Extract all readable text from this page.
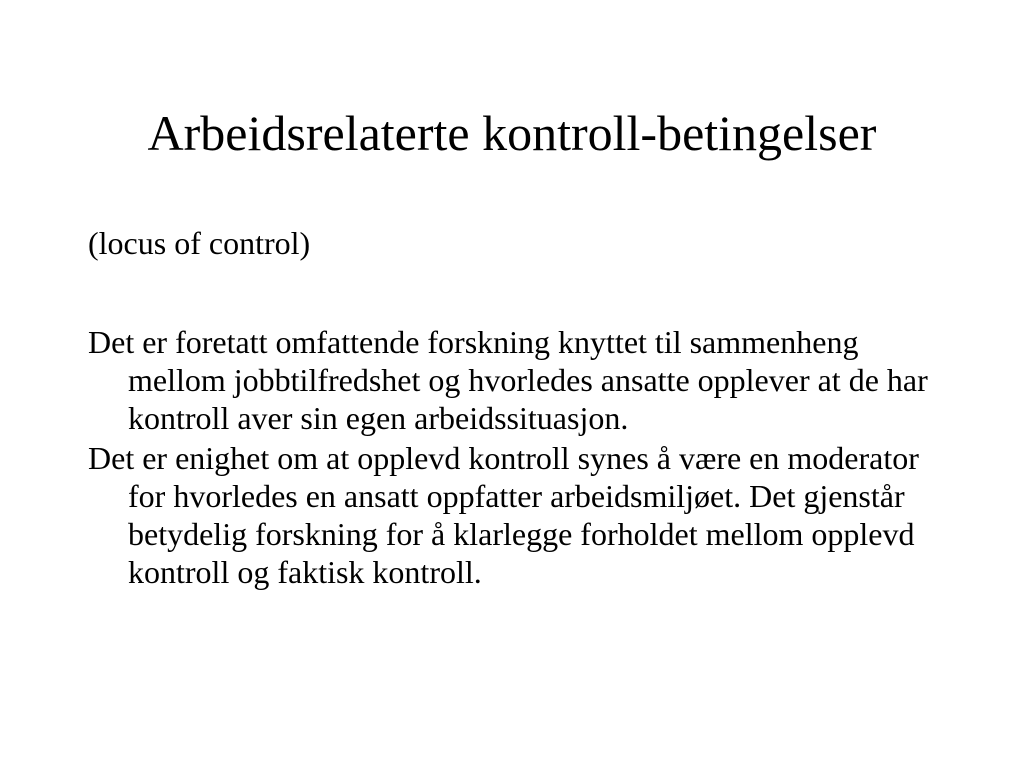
Arbeidsrelaterte kontroll-betingelser

(locus of control)

Det er foretatt omfattende forskning knyttet til sammenheng mellom jobbtilfredshet og hvorledes ansatte opplever at de har kontroll aver sin egen arbeidssituasjon.

Det er enighet om at opplevd kontroll synes å være en moderator for hvorledes en ansatt oppfatter arbeidsmiljøet. Det gjenstår betydelig forskning for å klarlegge forholdet mellom opplevd kontroll og faktisk kontroll.
